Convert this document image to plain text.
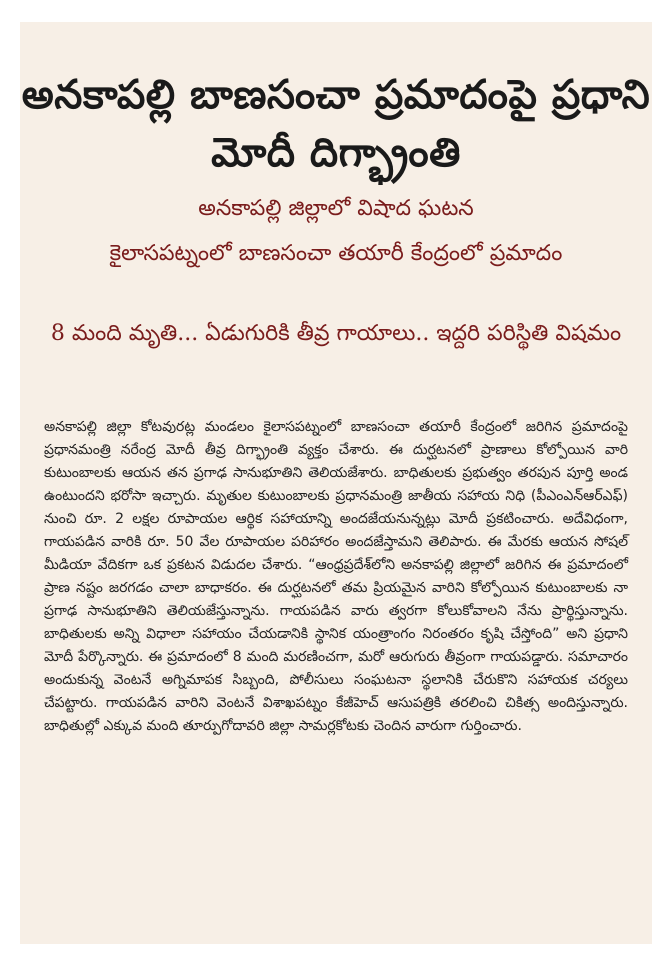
అనకాపల్లి బాణసంచా ప్రమాదంపై ప్రధాని మోదీ దిగ్భ్రాంతి
అనకాపల్లి జిల్లాలో విషాద ఘటన
కైలాసపట్నంలో బాణసంచా తయారీ కేంద్రంలో ప్రమాదం
8 మంది మృతి... ఏడుగురికి తీవ్ర గాయాలు.. ఇద్దరి పరిస్థితి విషమం
అనకాపల్లి జిల్లా కోటవురట్ల మండలం కైలాసపట్నంలో బాణసంచా తయారీ కేంద్రంలో జరిగిన ప్రమాదంపై ప్రధానమంత్రి నరేంద్ర మోదీ తీవ్ర దిగ్భ్రాంతి వ్యక్తం చేశారు. ఈ దుర్ఘటనలో ప్రాణాలు కోల్పోయిన వారి కుటుంబాలకు ఆయన తన ప్రగాఢ సానుభూతిని తెలియజేశారు. బాధితులకు ప్రభుత్వం తరపున పూర్తి అండ ఉంటుందని భరోసా ఇచ్చారు. మృతుల కుటుంబాలకు ప్రధానమంత్రి జాతీయ సహాయ నిధి (పీఎంఎన్ఆర్ఎఫ్) నుంచి రూ. 2 లక్షల రూపాయల ఆర్థిక సహాయాన్ని అందజేయనున్నట్లు మోదీ ప్రకటించారు. అదేవిధంగా, గాయపడిన వారికి రూ. 50 వేల రూపాయల పరిహారం అందజేస్తామని తెలిపారు. ఈ మేరకు ఆయన సోషల్ మీడియా వేదికగా ఒక ప్రకటన విడుదల చేశారు. “ఆంధ్రప్రదేశ్‌లోని అనకాపల్లి జిల్లాలో జరిగిన ఈ ప్రమాదంలో ప్రాణ నష్టం జరగడం చాలా బాధాకరం. ఈ దుర్ఘటనలో తమ ప్రియమైన వారిని కోల్పోయిన కుటుంబాలకు నా ప్రగాఢ సానుభూతిని తెలియజేస్తున్నాను. గాయపడిన వారు త్వరగా కోలుకోవాలని నేను ప్రార్థిస్తున్నాను. బాధితులకు అన్ని విధాలా సహాయం చేయడానికి స్థానిక యంత్రాంగం నిరంతరం కృషి చేస్తోంది” అని ప్రధాని మోదీ పేర్కొన్నారు. ఈ ప్రమాదంలో 8 మంది మరణించగా, మరో ఆరుగురు తీవ్రంగా గాయపడ్డారు. సమాచారం అందుకున్న వెంటనే అగ్నిమాపక సిబ్బంది, పోలీసులు సంఘటనా స్థలానికి చేరుకొని సహాయక చర్యలు చేపట్టారు. గాయపడిన వారిని వెంటనే విశాఖపట్నం కేజీహెచ్ ఆసుపత్రికి తరలించి చికిత్స అందిస్తున్నారు. బాధితుల్లో ఎక్కువ మంది తూర్పుగోదావరి జిల్లా సామర్లకోటకు చెందిన వారుగా గుర్తించారు.
